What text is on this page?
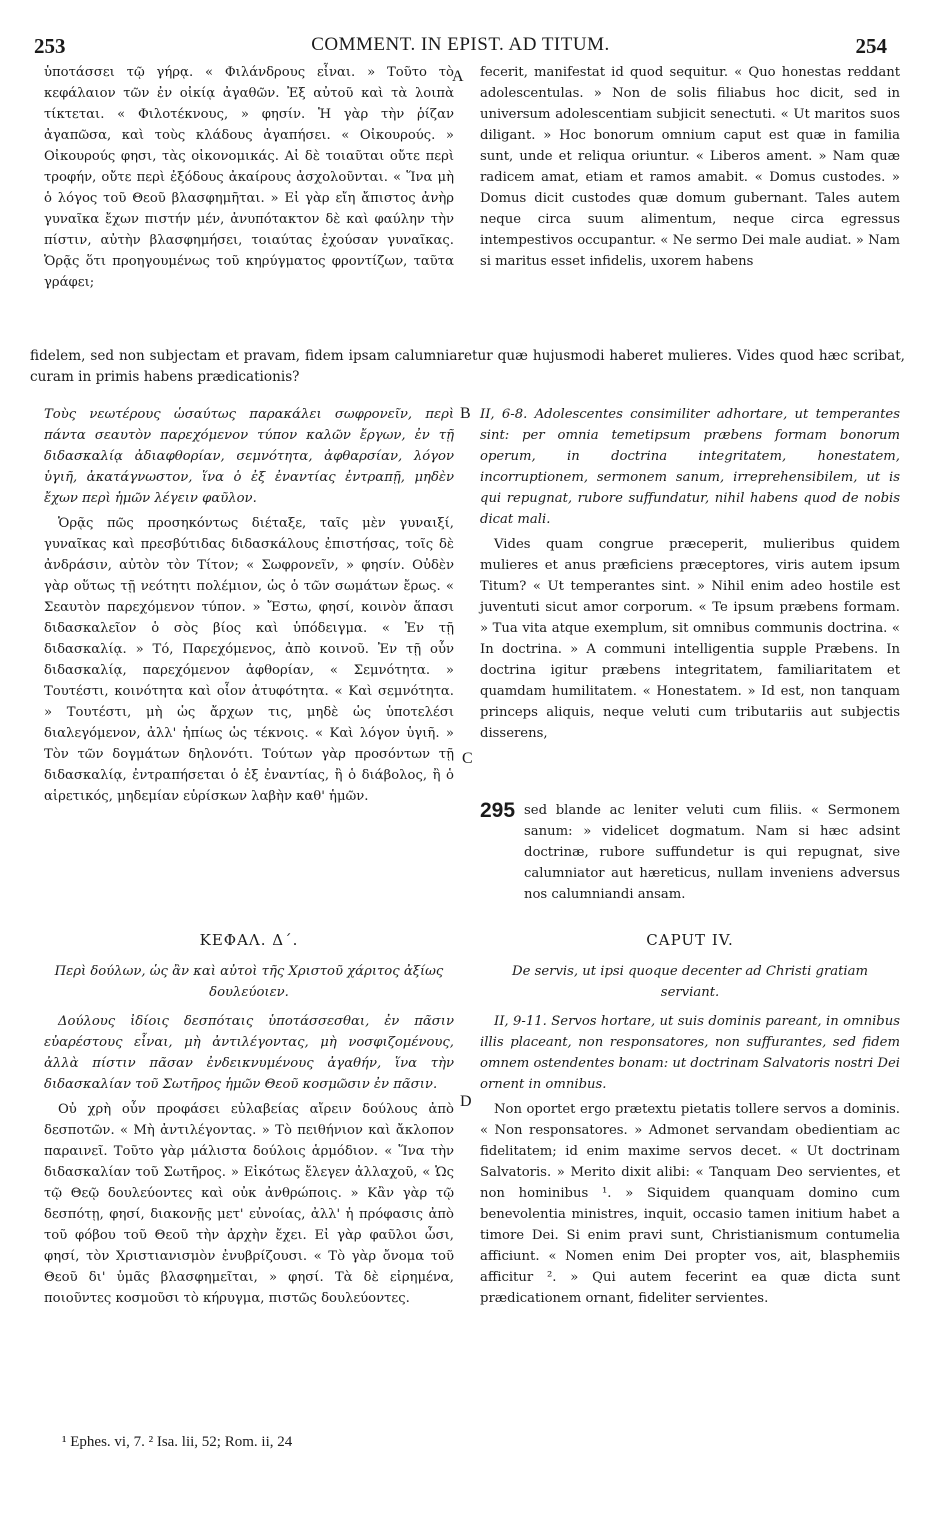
253	COMMENT. IN EPIST. AD TITUM.	254

ὑποτάσσει τῷ γήρᾳ. « Φιλάνδρους εἶναι. » Τοῦτο τὸ κεφάλαιον τῶν ἐν οἰκίᾳ ἀγαθῶν. Ἐξ αὐτοῦ καὶ τὰ λοιπὰ τίκτεται. « Φιλοτέκνους, » φησίν. Ἡ γὰρ τὴν ῥίζαν ἀγαπῶσα, καὶ τοὺς κλάδους ἀγαπήσει. « Οἰκουρούς. » Οἰκουρούς φησι, τὰς οἰκονομικάς. Αἱ δὲ τοιαῦται οὔτε περὶ τροφήν, οὔτε περὶ ἐξόδους ἀκαίρους ἀσχολοῦνται. « Ἵνα μὴ ὁ λόγος τοῦ Θεοῦ βλασφημῆται. » Εἰ γὰρ εἴη ἄπιστος ἀνὴρ γυναῖκα ἔχων πιστήν μέν, ἀνυπότακτον δὲ καὶ φαύλην τὴν πίστιν, αὐτὴν βλασφημήσει, τοιαύτας ἐχούσαν γυναῖκας. Ὁρᾷς ὅτι προηγουμένως τοῦ κηρύγματος φροντίζων, ταῦτα γράφει;

A fecerit, manifestat id quod sequitur. « Quo honestas reddant adolescentulas. » Non de solis filiabus hoc dicit, sed in universum adolescentiam subjicit senectuti. « Ut maritos suos diligant. » Hoc bonorum omnium caput est quæ in familia sunt, unde et reliqua oriuntur. « Liberos ament. » Nam quæ radicem amat, etiam et ramos amabit. « Domus custodes. » Domus dicit custodes quæ domum gubernant. Tales autem neque circa suum alimentum, neque circa egressus intempestivos occupantur. « Ne sermo Dei male audiat. » Nam si maritus esset infidelis, uxorem habens

fidelem, sed non subjectam et pravam, fidem ipsam calumniaretur quæ hujusmodi haberet mulieres. Vides quod hæc scribat, curam in primis habens prædicationis?

Τοὺς νεωτέρους ὡσαύτως παρακάλει σωφρονεῖν, περὶ πάντα σεαυτὸν παρεχόμενον τύπον καλῶν ἔργων, ἐν τῇ διδασκαλίᾳ ἀδιαφθορίαν, σεμνότητα, ἀφθαρσίαν, λόγον ὑγιῆ, ἀκατάγνωστον, ἵνα ὁ ἐξ ἐναντίας ἐντραπῇ, μηδὲν ἔχων περὶ ἡμῶν λέγειν φαῦλον.

Ὁρᾷς πῶς προσηκόντως διέταξε, ταῖς μὲν γυναιξί, γυναῖκας καὶ πρεσβύτιδας διδασκάλους ἐπιστήσας, τοῖς δὲ ἀνδράσιν, αὐτὸν τὸν Τίτον; « Σωφρονεῖν, » φησίν. Οὐδὲν γὰρ οὕτως τῇ νεότητι πολέμιον, ὡς ὁ τῶν σωμάτων ἔρως. « Σεαυτὸν παρεχόμενον τύπον. » Ἔστω, φησί, κοινὸν ἅπασι διδασκαλεῖον ὁ σὸς βίος καὶ ὑπόδειγμα. « Ἐν τῇ διδασκαλίᾳ. » Τό, Παρεχόμενος, ἀπὸ κοινοῦ. Ἐν τῇ οὖν διδασκαλίᾳ, παρεχόμενον ἀφθορίαν, « Σεμνότητα. » Τουτέστι, κοινότητα καὶ οἷον ἀτυφότητα. « Καὶ σεμνότητα. » Τουτέστι, μὴ ὡς ἄρχων τις, μηδὲ ὡς ὑποτελέσι διαλεγόμενον, ἀλλ' ἠπίως ὡς τέκνοις. « Καὶ λόγον ὑγιῆ. » Τὸν τῶν δογμάτων δηλονότι. Τούτων γὰρ προσόντων τῇ διδασκαλίᾳ, ἐντραπήσεται ὁ ἐξ ἐναντίας, ἢ ὁ διάβολος, ἢ ὁ αἱρετικός, μηδεμίαν εὑρίσκων λαβὴν καθ' ἡμῶν.

B
C

II, 6-8. Adolescentes consimiliter adhortare, ut temperantes sint: per omnia temetipsum præbens formam bonorum operum, in doctrina integritatem, honestatem, incorruptionem, sermonem sanum, irreprehensibilem, ut is qui repugnat, rubore suffundatur, nihil habens quod de nobis dicat mali.

Vides quam congrue præceperit, mulieribus quidem mulieres et anus præficiens præceptores, viris autem ipsum Titum? « Ut temperantes sint. » Nihil enim adeo hostile est juventuti sicut amor corporum. « Te ipsum præbens formam. » Tua vita atque exemplum, sit omnibus communis doctrina. « In doctrina. » A communi intelligentia supple Præbens. In doctrina igitur præbens integritatem, familiaritatem et quamdam humilitatem. « Honestatem. » Id est, non tanquam princeps aliquis, neque veluti cum tributariis aut subjectis disserens,

295 sed blande ac leniter veluti cum filiis. « Sermonem sanum: » videlicet dogmatum. Nam si hæc adsint doctrinæ, rubore suffundetur is qui repugnat, sive calumniator aut hæreticus, nullam inveniens adversus nos calumniandi ansam.

ΚΕΦΑΛ. Δ΄.

Περὶ δούλων, ὡς ἂν καὶ αὐτοὶ τῆς Χριστοῦ χάριτος ἀξίως δουλεύοιεν.

Δούλους ἰδίοις δεσπόταις ὑποτάσσεσθαι, ἐν πᾶσιν εὐαρέστους εἶναι, μὴ ἀντιλέγοντας, μὴ νοσφιζομένους, ἀλλὰ πίστιν πᾶσαν ἐνδεικνυμένους ἀγαθήν, ἵνα τὴν διδασκαλίαν τοῦ Σωτῆρος ἡμῶν Θεοῦ κοσμῶσιν ἐν πᾶσιν.

Οὐ χρὴ οὖν προφάσει εὐλαβείας αἴρειν δούλους ἀπὸ δεσποτῶν. « Μὴ ἀντιλέγοντας. » Τὸ πειθήνιον καὶ ἄκλοπον παραινεῖ. Τοῦτο γὰρ μάλιστα δούλοις ἁρμόδιον. « Ἵνα τὴν διδασκαλίαν τοῦ Σωτῆρος. » Εἰκότως ἔλεγεν ἀλλαχοῦ, « Ὡς τῷ Θεῷ δουλεύοντες καὶ οὐκ ἀνθρώποις. » Κἂν γὰρ τῷ δεσπότῃ, φησί, διακονῇς μετ' εὐνοίας, ἀλλ' ἡ πρόφασις ἀπὸ τοῦ φόβου τοῦ Θεοῦ τὴν ἀρχὴν ἔχει. Εἰ γὰρ φαῦλοι ὦσι, φησί, τὸν Χριστιανισμὸν ἐνυβρίζουσι. « Τὸ γὰρ ὄνομα τοῦ Θεοῦ δι' ὑμᾶς βλασφημεῖται, » φησί. Τὰ δὲ εἰρημένα, ποιοῦντες κοσμοῦσι τὸ κήρυγμα, πιστῶς δουλεύοντες.

D

CAPUT IV.

De servis, ut ipsi quoque decenter ad Christi gratiam serviant.

II, 9-11. Servos hortare, ut suis dominis pareant, in omnibus illis placeant, non responsatores, non suffurantes, sed fidem omnem ostendentes bonam: ut doctrinam Salvatoris nostri Dei ornent in omnibus.

Non oportet ergo prætextu pietatis tollere servos a dominis. « Non responsatores. » Admonet servandam obedientiam ac fidelitatem; id enim maxime servos decet. « Ut doctrinam Salvatoris. » Merito dixit alibi: « Tanquam Deo servientes, et non hominibus ¹. » Siquidem quanquam domino cum benevolentia ministres, inquit, occasio tamen initium habet a timore Dei. Si enim pravi sunt, Christianismum contumelia afficiunt. « Nomen enim Dei propter vos, ait, blasphemiis afficitur ². » Qui autem fecerint ea quæ dicta sunt prædicationem ornant, fideliter servientes.

¹ Ephes. vi, 7. ² Isa. lii, 52; Rom. ii, 24
